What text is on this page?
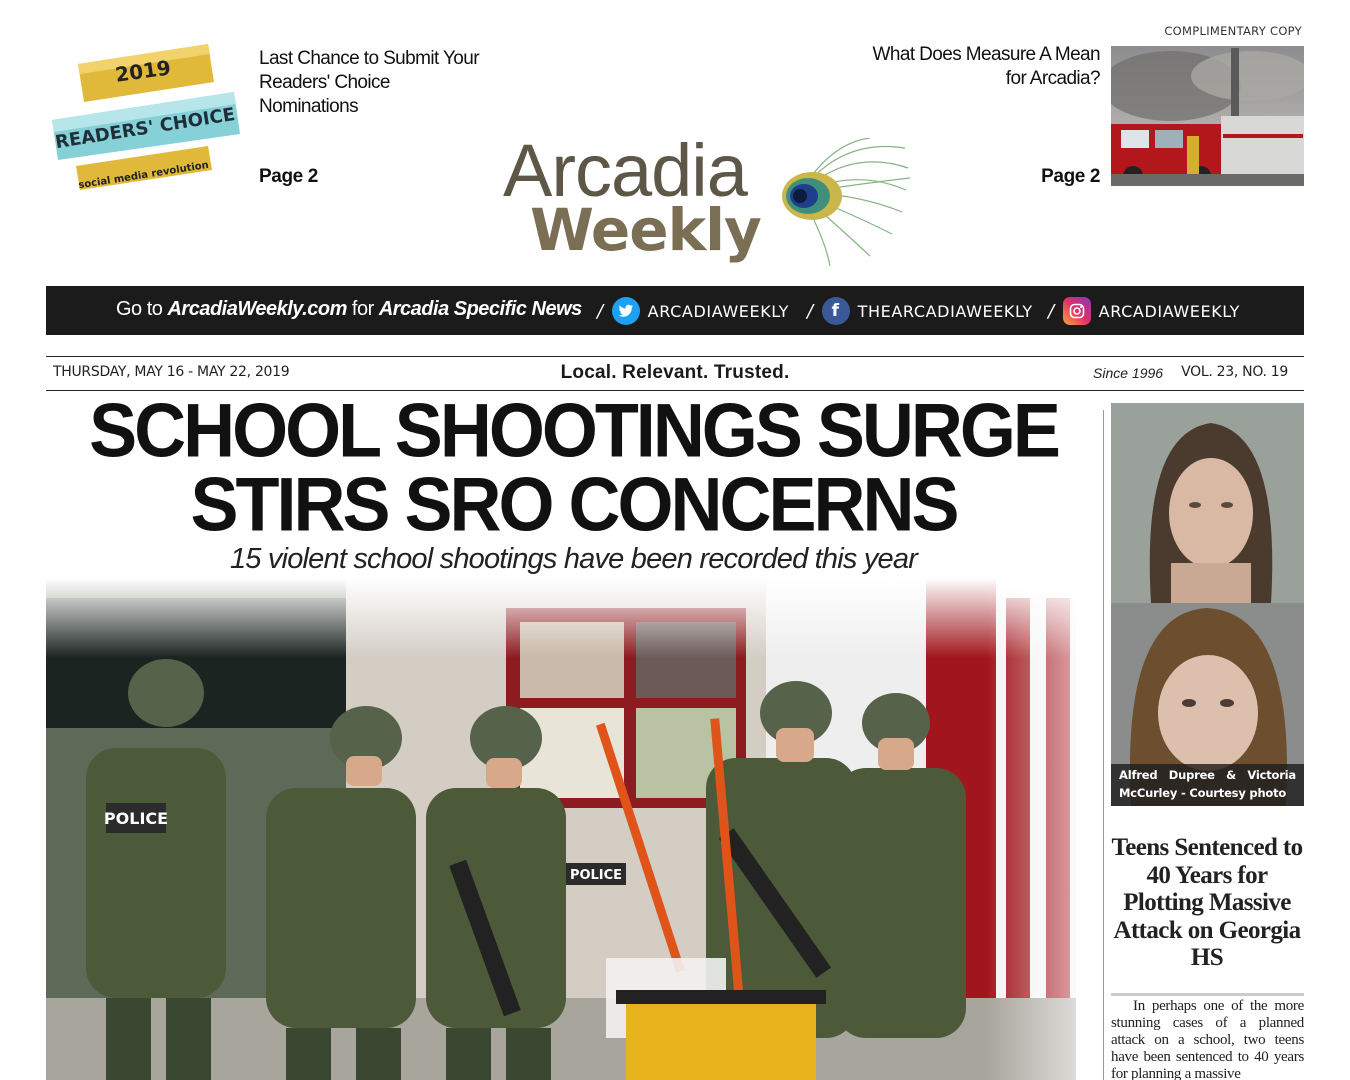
COMPLIMENTARY COPY
2019
READERS' CHOICE
social media revolution
Last Chance to Submit Your Readers' Choice Nominations
Page 2
What Does Measure A Mean for Arcadia?
Page 2
Arcadia
Weekly
Go to ArcadiaWeekly.com for Arcadia Specific News /	ARCADIAWEEKLY /	f	THEARCADIAWEEKLY /	ARCADIAWEEKLY
THURSDAY, MAY 16 - MAY 22, 2019	Local. Relevant. Trusted.	Since 1996 VOL. 23, NO. 19
SCHOOL SHOOTINGS SURGE
STIRS SRO CONCERNS
15 violent school shootings have been recorded this year
POLICE
POLICE
Alfred Dupree & Victoria McCurley - Courtesy photo
Teens Sentenced to 40 Years for Plotting Massive Attack on Georgia HS
In perhaps one of the more stunning cases of a planned attack on a school, two teens have been sentenced to 40 years for planning a massive
